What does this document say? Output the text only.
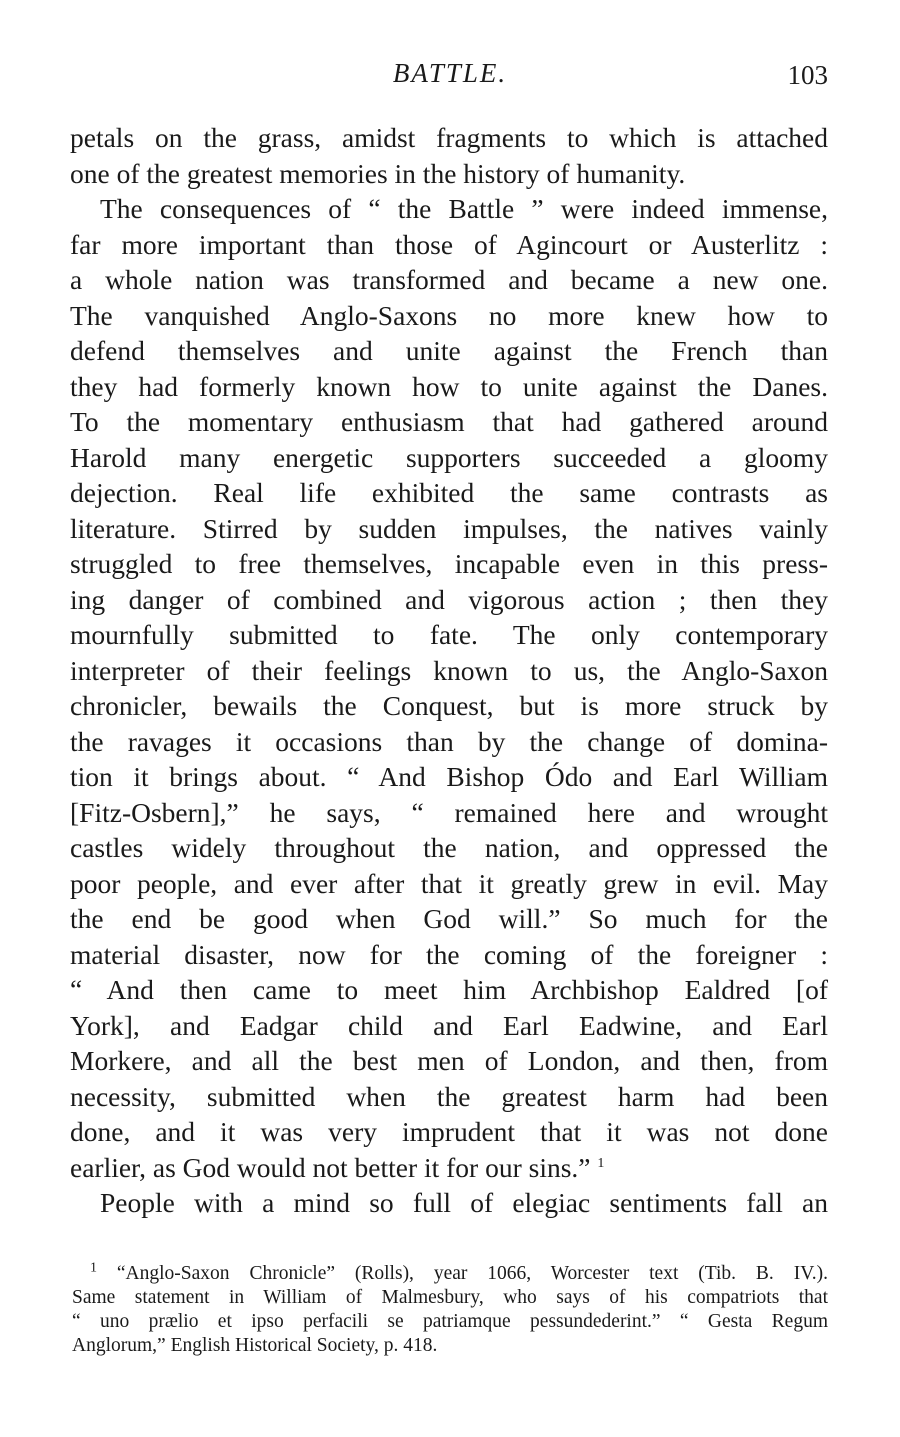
BATTLE.	103
petals on the grass, amidst fragments to which is attached
one of the greatest memories in the history of humanity.
The consequences of “ the Battle ” were indeed immense,
far more important than those of Agincourt or Austerlitz :
a whole nation was transformed and became a new one.
The vanquished Anglo-Saxons no more knew how to
defend themselves and unite against the French than
they had formerly known how to unite against the Danes.
To the momentary enthusiasm that had gathered around
Harold many energetic supporters succeeded a gloomy
dejection. Real life exhibited the same contrasts as
literature. Stirred by sudden impulses, the natives vainly
struggled to free themselves, incapable even in this press-
ing danger of combined and vigorous action ; then they
mournfully submitted to fate. The only contemporary
interpreter of their feelings known to us, the Anglo-Saxon
chronicler, bewails the Conquest, but is more struck by
the ravages it occasions than by the change of domina-
tion it brings about. “ And Bishop Ódo and Earl William
[Fitz-Osbern],” he says, “ remained here and wrought
castles widely throughout the nation, and oppressed the
poor people, and ever after that it greatly grew in evil. May
the end be good when God will.” So much for the
material disaster, now for the coming of the foreigner :
“ And then came to meet him Archbishop Ealdred [of
York], and Eadgar child and Earl Eadwine, and Earl
Morkere, and all the best men of London, and then, from
necessity, submitted when the greatest harm had been
done, and it was very imprudent that it was not done
earlier, as God would not better it for our sins.” $^1$
People with a mind so full of elegiac sentiments fall an
$^1$ “Anglo-Saxon Chronicle” (Rolls), year 1066, Worcester text (Tib. B. IV.).
Same statement in William of Malmesbury, who says of his compatriots that
“ uno prælio et ipso perfacili se patriamque pessundederint.” “ Gesta Regum
Anglorum,” English Historical Society, p. 418.
